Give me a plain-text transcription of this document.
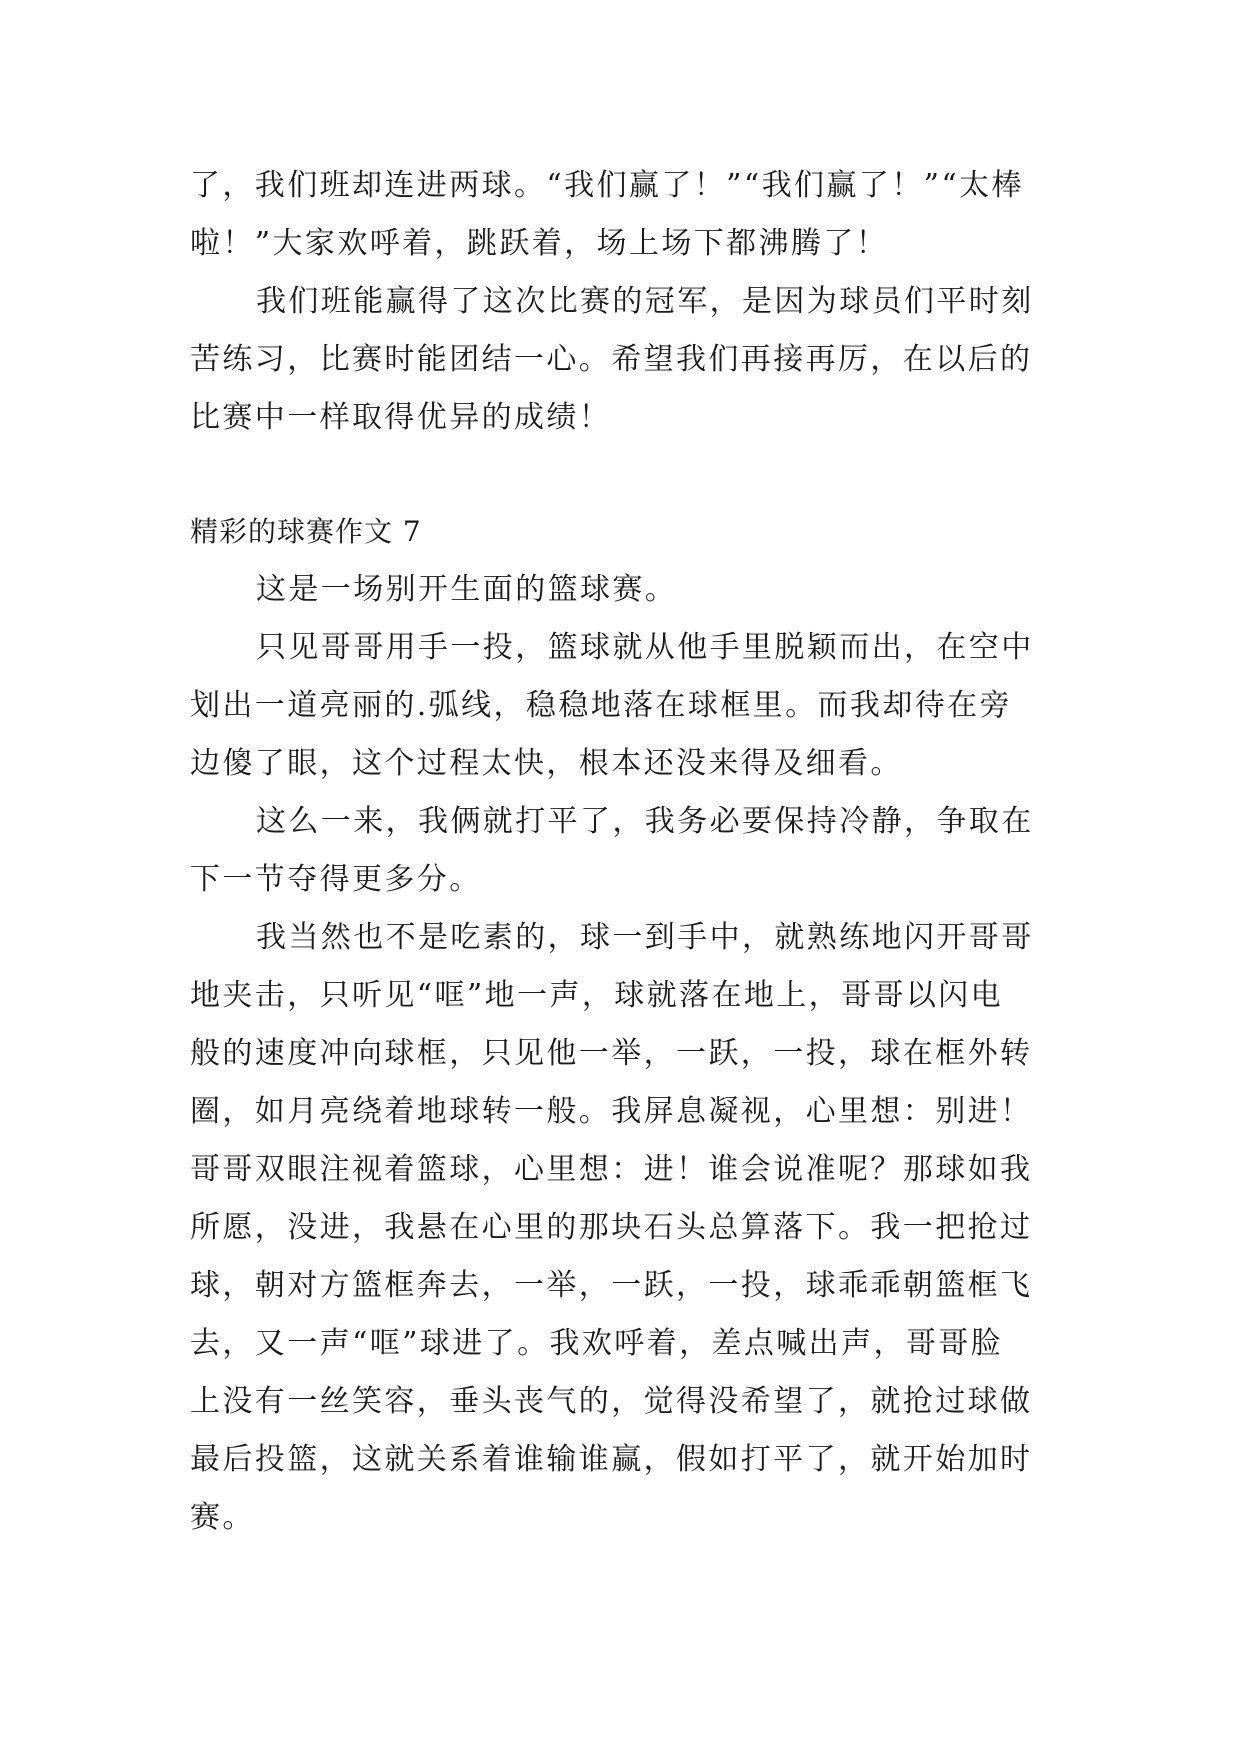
了，我们班却连进两球。“我们赢了！”“我们赢了！”“太棒
啦！”大家欢呼着，跳跃着，场上场下都沸腾了！
我们班能赢得了这次比赛的冠军，是因为球员们平时刻
苦练习，比赛时能团结一心。希望我们再接再厉，在以后的
比赛中一样取得优异的成绩！
精彩的球赛作文 7
这是一场别开生面的篮球赛。
只见哥哥用手一投，篮球就从他手里脱颖而出，在空中
划出一道亮丽的.弧线，稳稳地落在球框里。而我却待在旁
边傻了眼，这个过程太快，根本还没来得及细看。
这么一来，我俩就打平了，我务必要保持冷静，争取在
下一节夺得更多分。
我当然也不是吃素的，球一到手中，就熟练地闪开哥哥
地夹击，只听见“哐”地一声，球就落在地上，哥哥以闪电
般的速度冲向球框，只见他一举，一跃，一投，球在框外转
圈，如月亮绕着地球转一般。我屏息凝视，心里想：别进！
哥哥双眼注视着篮球，心里想：进！谁会说准呢？那球如我
所愿，没进，我悬在心里的那块石头总算落下。我一把抢过
球，朝对方篮框奔去，一举，一跃，一投，球乖乖朝篮框飞
去，又一声“哐”球进了。我欢呼着，差点喊出声，哥哥脸
上没有一丝笑容，垂头丧气的，觉得没希望了，就抢过球做
最后投篮，这就关系着谁输谁赢，假如打平了，就开始加时
赛。
